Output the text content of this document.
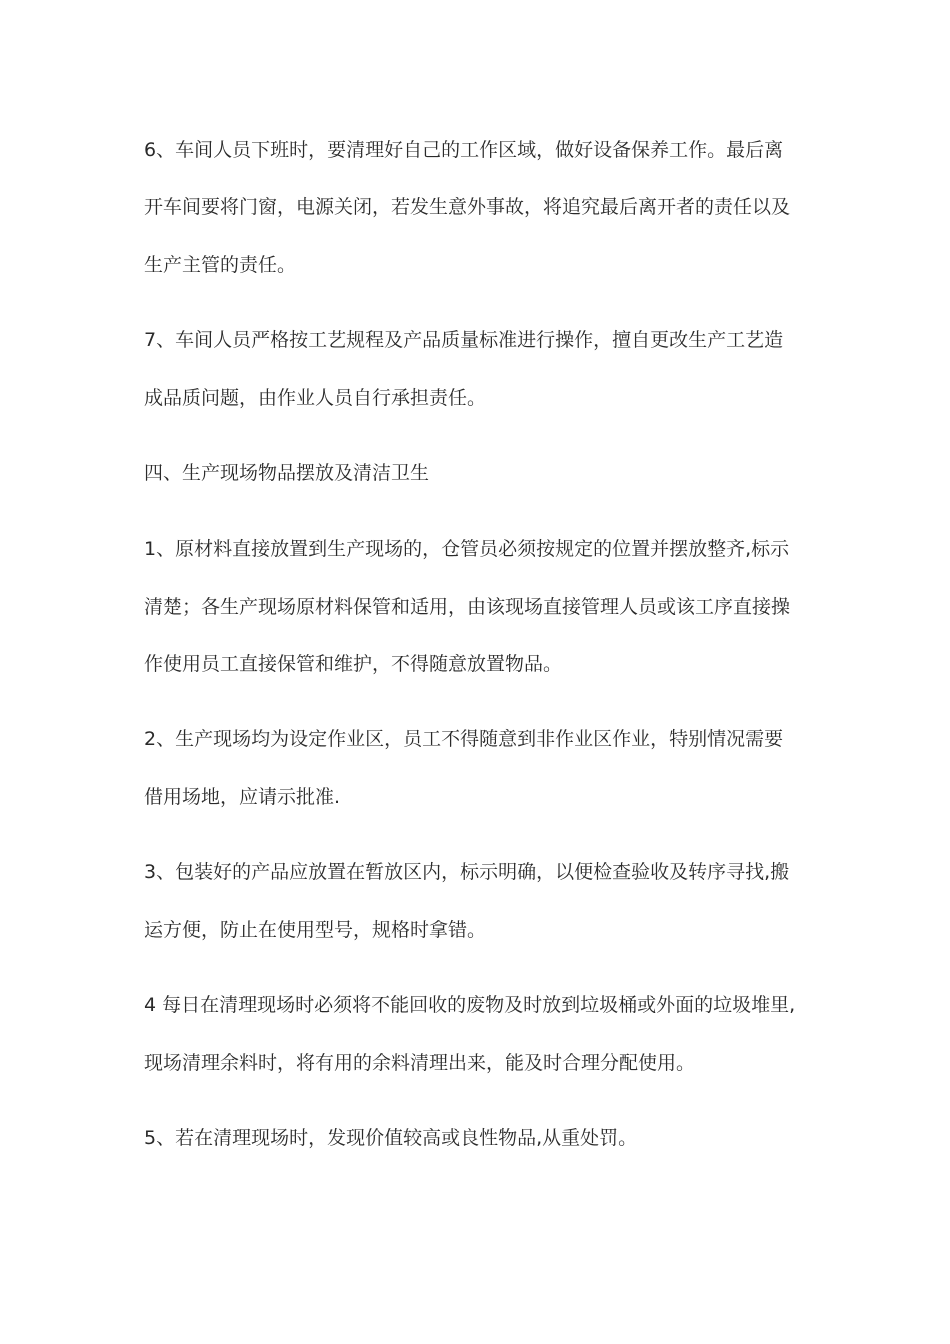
6、车间人员下班时，要清理好自己的工作区域，做好设备保养工作。最后离
开车间要将门窗，电源关闭，若发生意外事故，将追究最后离开者的责任以及
生产主管的责任。
7、车间人员严格按工艺规程及产品质量标准进行操作，擅自更改生产工艺造
成品质问题，由作业人员自行承担责任。
四、生产现场物品摆放及清洁卫生
1、原材料直接放置到生产现场的，仓管员必须按规定的位置并摆放整齐,标示
清楚；各生产现场原材料保管和适用，由该现场直接管理人员或该工序直接操
作使用员工直接保管和维护，不得随意放置物品。
2、生产现场均为设定作业区，员工不得随意到非作业区作业，特别情况需要
借用场地，应请示批准.
3、包装好的产品应放置在暂放区内，标示明确，以便检查验收及转序寻找,搬
运方便，防止在使用型号，规格时拿错。
4 每日在清理现场时必须将不能回收的废物及时放到垃圾桶或外面的垃圾堆里,
现场清理余料时，将有用的余料清理出来，能及时合理分配使用。
5、若在清理现场时，发现价值较高或良性物品,从重处罚。
